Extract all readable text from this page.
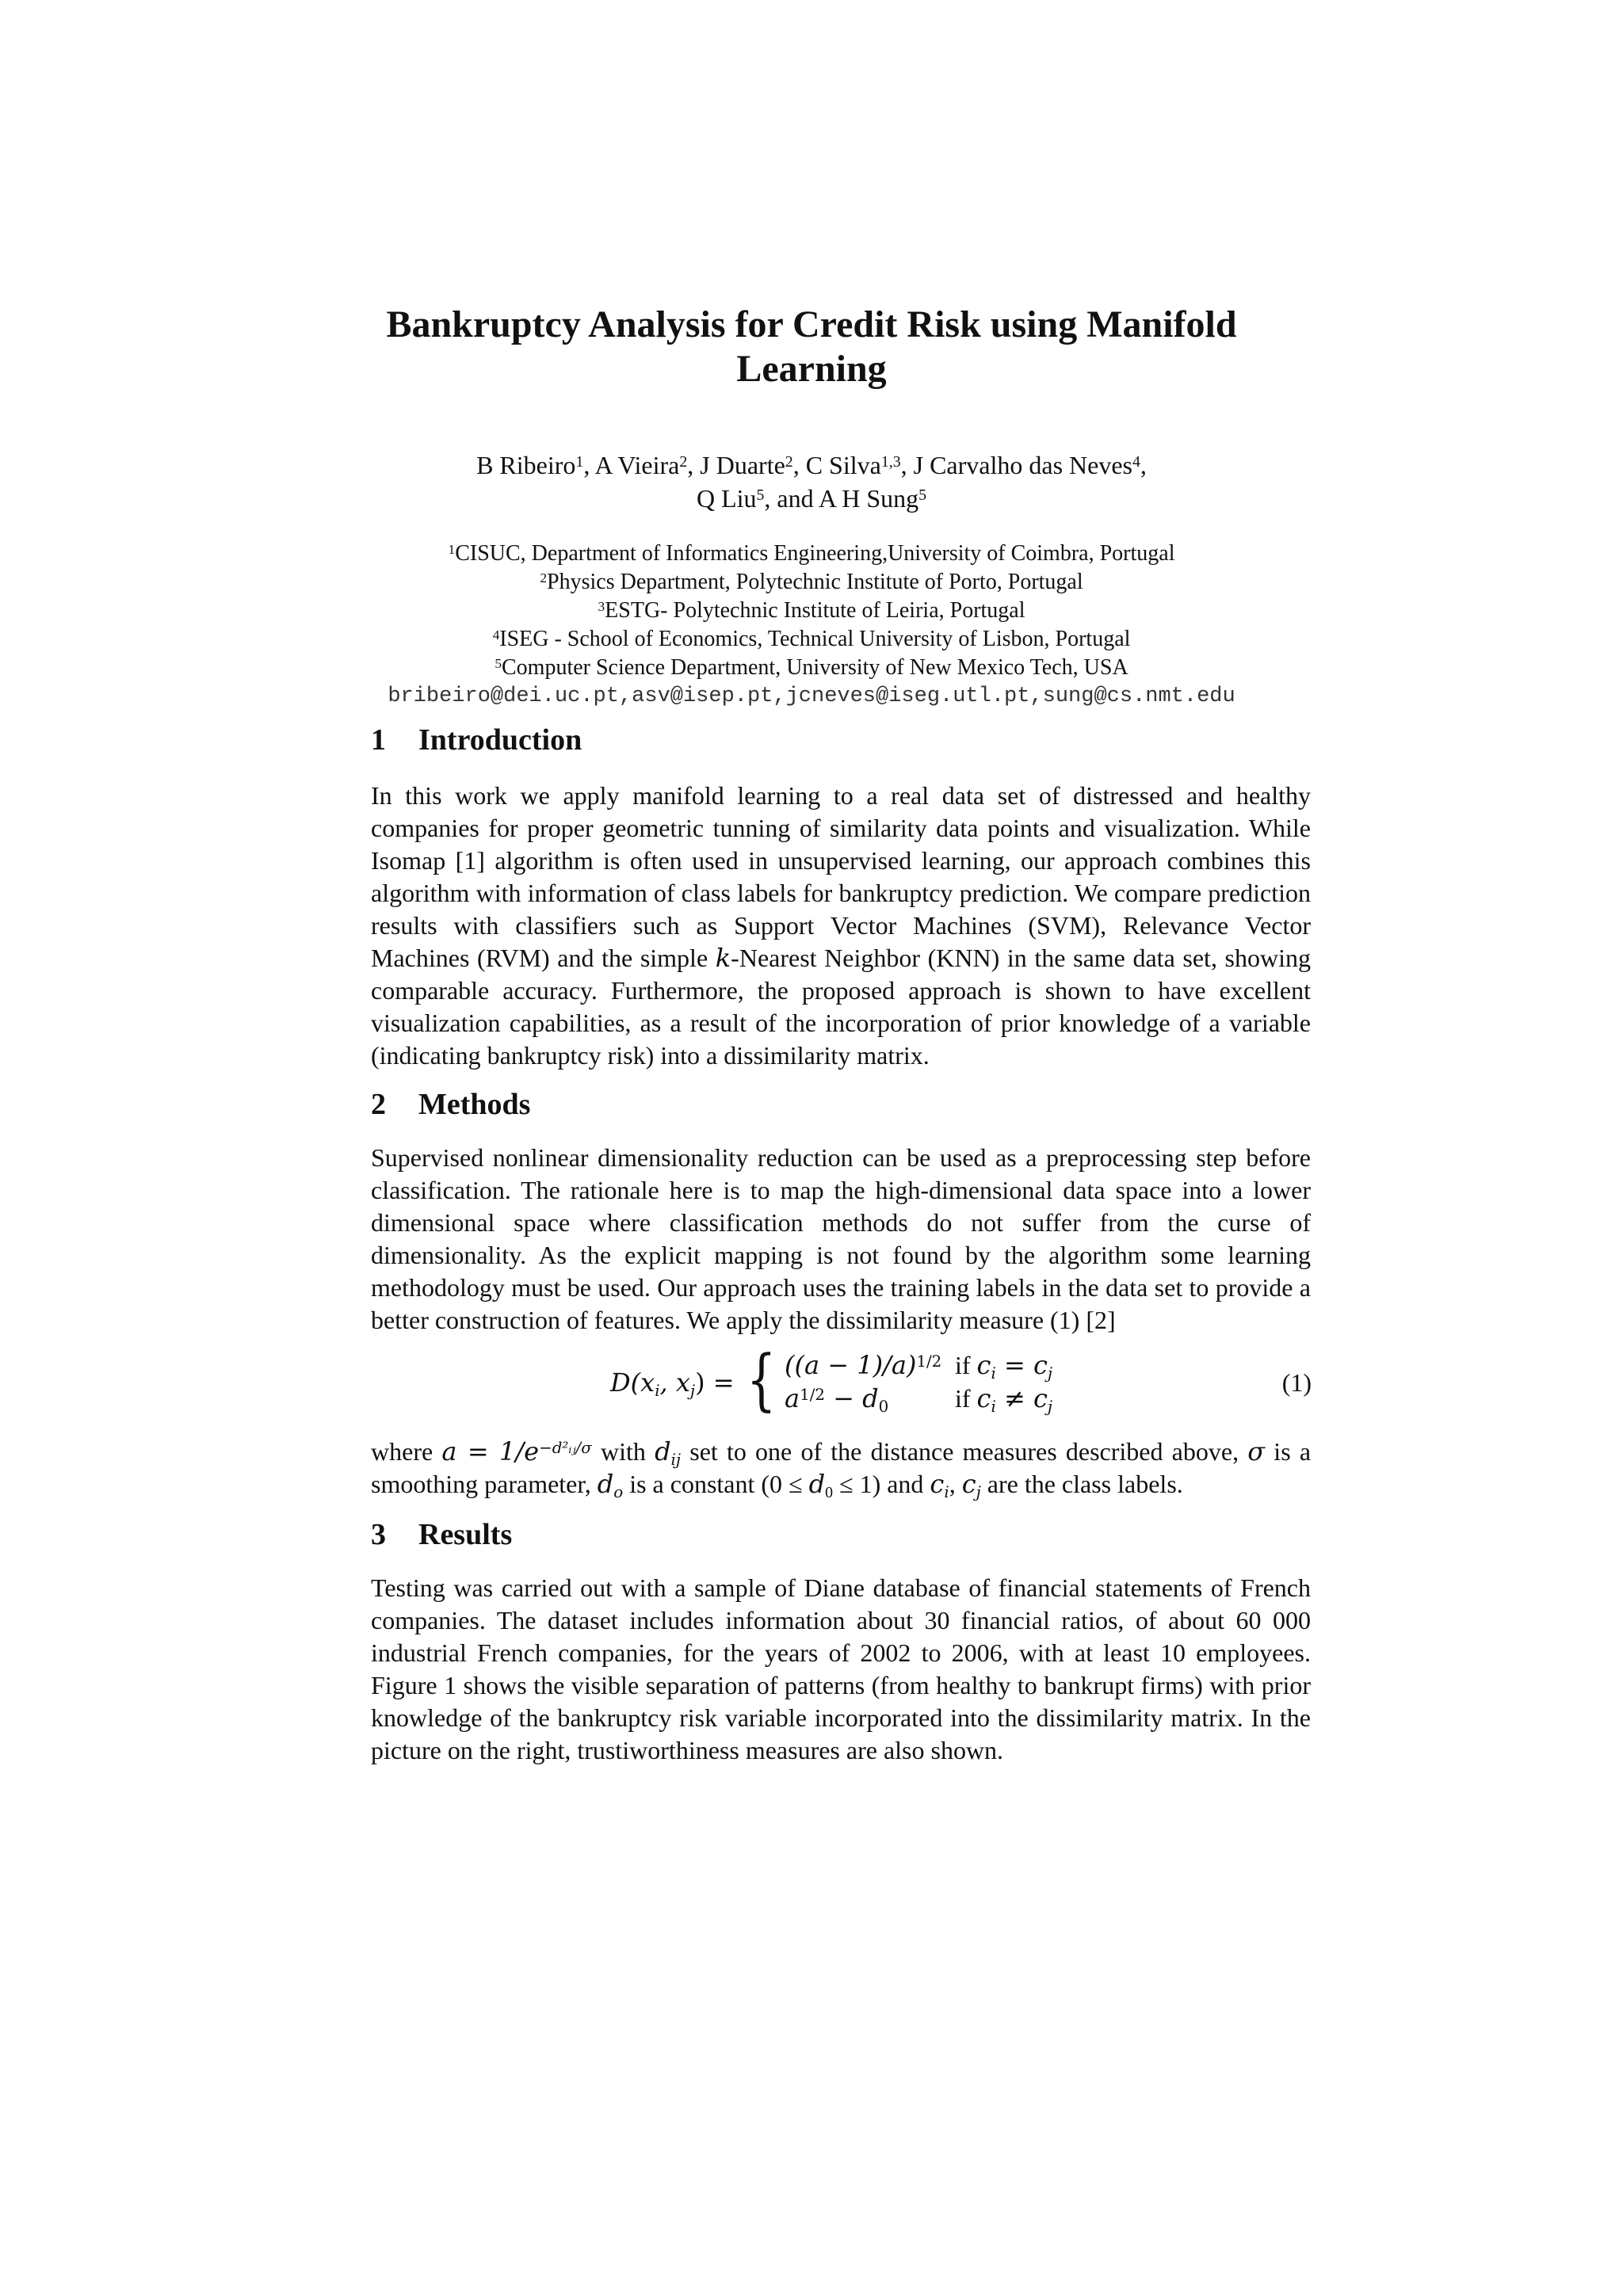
Bankruptcy Analysis for Credit Risk using Manifold
Learning
B Ribeiro$^1$, A Vieira$^2$, J Duarte$^2$, C Silva$^{1,3}$, J Carvalho das Neves$^4$,
Q Liu$^5$, and A H Sung$^5$
$^1$CISUC, Department of Informatics Engineering,University of Coimbra, Portugal
$^2$Physics Department, Polytechnic Institute of Porto, Portugal
$^3$ESTG- Polytechnic Institute of Leiria, Portugal
$^4$ISEG - School of Economics, Technical University of Lisbon, Portugal
$^5$Computer Science Department, University of New Mexico Tech, USA
bribeiro@dei.uc.pt,asv@isep.pt,jcneves@iseg.utl.pt,sung@cs.nmt.edu
1 Introduction
In this work we apply manifold learning to a real data set of distressed and healthy companies for proper geometric tunning of similarity data points and visualization. While Isomap [1] algorithm is often used in unsupervised learning, our approach combines this algorithm with information of class labels for bankruptcy prediction. We compare prediction results with classifiers such as Support Vector Machines (SVM), Relevance Vector Machines (RVM) and the simple k-Nearest Neighbor (KNN) in the same data set, showing comparable accuracy. Furthermore, the proposed approach is shown to have excellent visualization capabilities, as a result of the incorporation of prior knowledge of a variable (indicating bankruptcy risk) into a dissimilarity matrix.
2 Methods
Supervised nonlinear dimensionality reduction can be used as a preprocessing step before classification. The rationale here is to map the high-dimensional data space into a lower dimensional space where classification methods do not suffer from the curse of dimensionality. As the explicit mapping is not found by the algorithm some learning methodology must be used. Our approach uses the training labels in the data set to provide a better construction of features. We apply the dissimilarity measure (1) [2]
$D(x_i$, $x_j$) = { $((a - 1)/a)^{1/2}$ if $c_i = c_j$
$a^{1/2} - d_0$	if $c_i \ne c_j$
(1)
where $a = 1/e^{-d^2ᵢⱼ/\sigma}$ with $d_{ij}$ set to one of the distance measures described above, σ is a smoothing parameter, $d_o$ is a constant $(0 \le d_0 \le 1)$ and $c_i$, $c_j$ are the class labels.
3 Results
Testing was carried out with a sample of Diane database of financial statements of French companies. The dataset includes information about 30 financial ratios, of about 60 000 industrial French companies, for the years of 2002 to 2006, with at least 10 employees. Figure 1 shows the visible separation of patterns (from healthy to bankrupt firms) with prior knowledge of the bankruptcy risk variable incorporated into the dissimilarity matrix. In the picture on the right, trustiworthiness measures are also shown.
